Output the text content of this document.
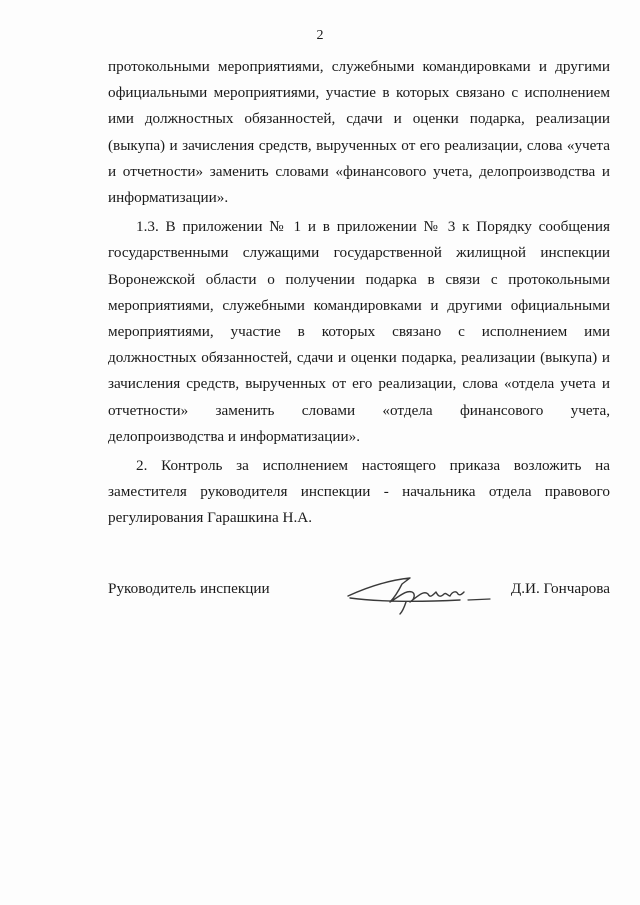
2

протокольными мероприятиями, служебными командировками и другими официальными мероприятиями, участие в которых связано с исполнением ими должностных обязанностей, сдачи и оценки подарка, реализации (выкупа) и зачисления средств, вырученных от его реализации, слова «учета и отчетности» заменить словами «финансового учета, делопроизводства и информатизации».

1.3. В приложении № 1 и в приложении № 3 к Порядку сообщения государственными служащими государственной жилищной инспекции Воронежской области о получении подарка в связи с протокольными мероприятиями, служебными командировками и другими официальными мероприятиями, участие в которых связано с исполнением ими должностных обязанностей, сдачи и оценки подарка, реализации (выкупа) и зачисления средств, вырученных от его реализации, слова «отдела учета и отчетности» заменить словами «отдела финансового учета, делопроизводства и информатизации».

2. Контроль за исполнением настоящего приказа возложить на заместителя руководителя инспекции - начальника отдела правового регулирования Гарашкина Н.А.

Руководитель инспекции	Д.И. Гончарова
